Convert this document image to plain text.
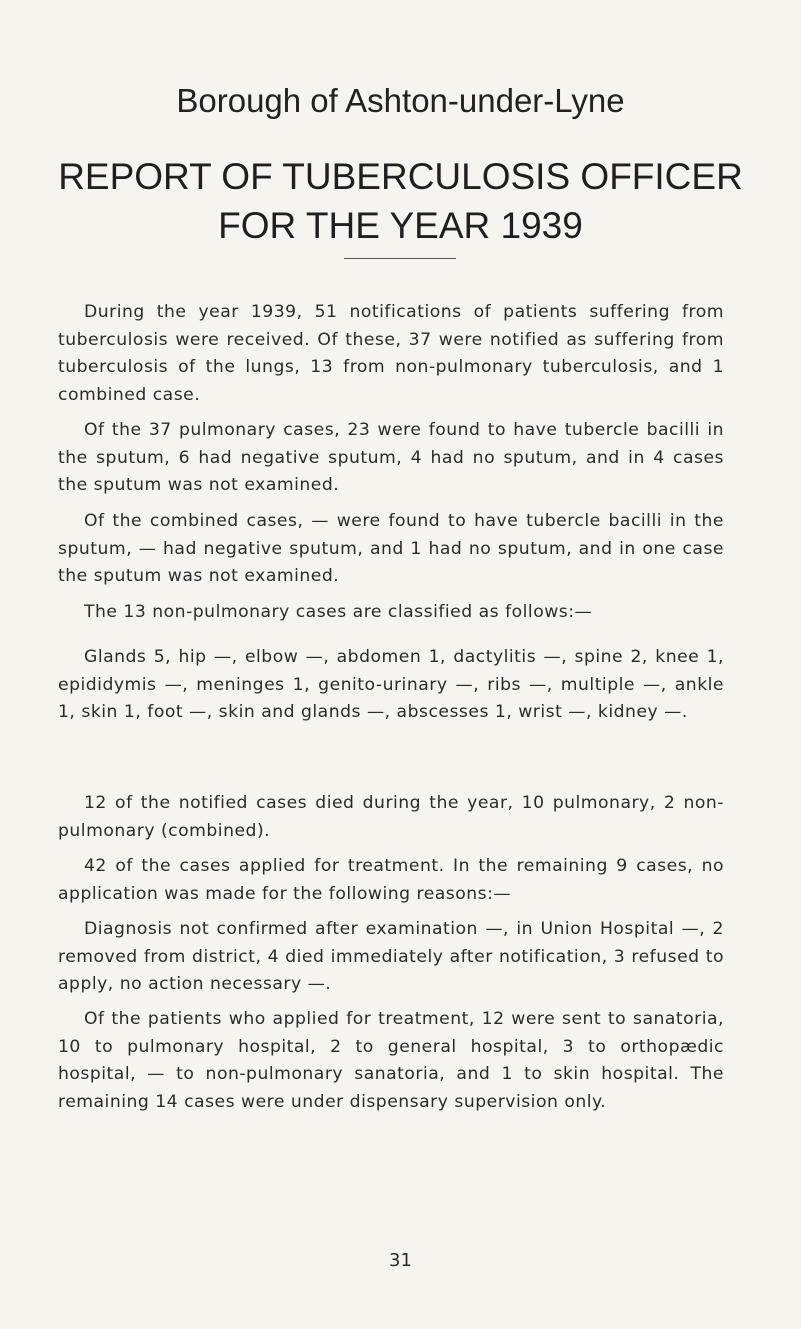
Borough of Ashton-under-Lyne
REPORT OF TUBERCULOSIS OFFICER
FOR THE YEAR 1939

During the year 1939, 51 notifications of patients suffering from tuberculosis were received. Of these, 37 were notified as suffering from tuberculosis of the lungs, 13 from non-pulmonary tuberculosis, and 1 combined case.

Of the 37 pulmonary cases, 23 were found to have tubercle bacilli in the sputum, 6 had negative sputum, 4 had no sputum, and in 4 cases the sputum was not examined.

Of the combined cases, — were found to have tubercle bacilli in the sputum, — had negative sputum, and 1 had no sputum, and in one case the sputum was not examined.

The 13 non-pulmonary cases are classified as follows:—

Glands 5, hip —, elbow —, abdomen 1, dactylitis —, spine 2, knee 1, epididymis —, meninges 1, genito-urinary —, ribs —, multiple —, ankle 1, skin 1, foot —, skin and glands —, abscesses 1, wrist —, kidney —.

12 of the notified cases died during the year, 10 pulmonary, 2 non-pulmonary (combined).

42 of the cases applied for treatment. In the remaining 9 cases, no application was made for the following reasons:—

Diagnosis not confirmed after examination —, in Union Hospital —, 2 removed from district, 4 died immediately after notification, 3 refused to apply, no action necessary —.

Of the patients who applied for treatment, 12 were sent to sanatoria, 10 to pulmonary hospital, 2 to general hospital, 3 to orthopædic hospital, — to non-pulmonary sanatoria, and 1 to skin hospital. The remaining 14 cases were under dispensary supervision only.

31
